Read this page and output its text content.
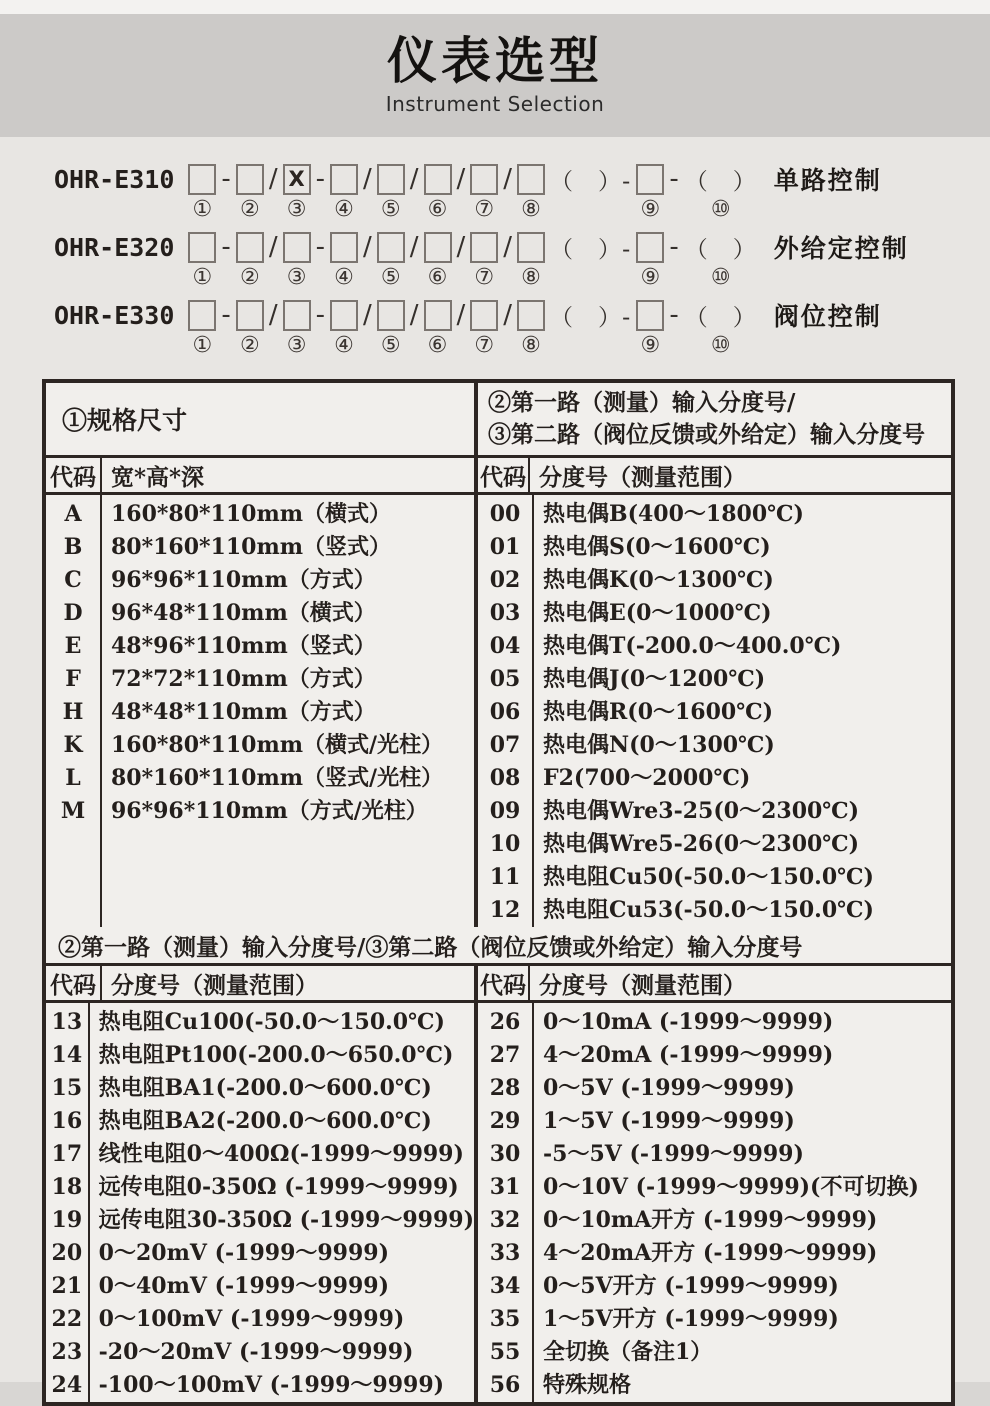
仪表选型
Instrument Selection
OHR-E310
①
-
②
/ X
③
-
④
/
⑤
/
⑥
/
⑦
/
⑧
（　）-
⑨
- （　）
⑩
单路控制
OHR-E320
①
-
②
/
③
-
④
/
⑤
/
⑥
/
⑦
/
⑧
（　）-
⑨
- （　）
⑩
外给定控制
OHR-E330
①
-
②
/
③
-
④
/
⑤
/
⑥
/
⑦
/
⑧
（　）-
⑨
- （　）
⑩
阀位控制
①规格尺寸
②第一路（测量）输入分度号/
③第二路（阀位反馈或外给定）输入分度号
代码 宽*高*深	代码 分度号（测量范围）
A
B
C
D
E
F
H
K
L
M
160*80*110mm（横式）
80*160*110mm（竖式）
96*96*110mm（方式）
96*48*110mm（横式）
48*96*110mm（竖式）
72*72*110mm（方式）
48*48*110mm（方式）
160*80*110mm（横式/光柱）
80*160*110mm（竖式/光柱）
96*96*110mm（方式/光柱）
00
01
02
03
04
05
06
07
08
09
10
11
12
热电偶B(400～1800℃)
热电偶S(0～1600℃)
热电偶K(0～1300℃)
热电偶E(0～1000℃)
热电偶T(-200.0～400.0℃)
热电偶J(0～1200℃)
热电偶R(0～1600℃)
热电偶N(0～1300℃)
F2(700～2000℃)
热电偶Wre3-25(0～2300℃)
热电偶Wre5-26(0～2300℃)
热电阻Cu50(-50.0～150.0℃)
热电阻Cu53(-50.0～150.0℃)
②第一路（测量）输入分度号/③第二路（阀位反馈或外给定）输入分度号
代码 分度号（测量范围）	代码 分度号（测量范围）
13
14
15
16
17
18
19
20
21
22
23
24
热电阻Cu100(-50.0～150.0℃)
热电阻Pt100(-200.0～650.0℃)
热电阻BA1(-200.0～600.0℃)
热电阻BA2(-200.0～600.0℃)
线性电阻0～400Ω(-1999～9999)
远传电阻0-350Ω (-1999～9999)
远传电阻30-350Ω (-1999～9999)
0～20mV (-1999～9999)
0～40mV (-1999～9999)
0～100mV (-1999～9999)
-20～20mV (-1999～9999)
-100～100mV (-1999～9999)
26
27
28
29
30
31
32
33
34
35
55
56
0～10mA (-1999～9999)
4～20mA (-1999～9999)
0～5V (-1999～9999)
1～5V (-1999～9999)
-5～5V (-1999～9999)
0～10V (-1999～9999)(不可切换)
0～10mA开方 (-1999～9999)
4～20mA开方 (-1999～9999)
0～5V开方 (-1999～9999)
1～5V开方 (-1999～9999)
全切换（备注1）
特殊规格
